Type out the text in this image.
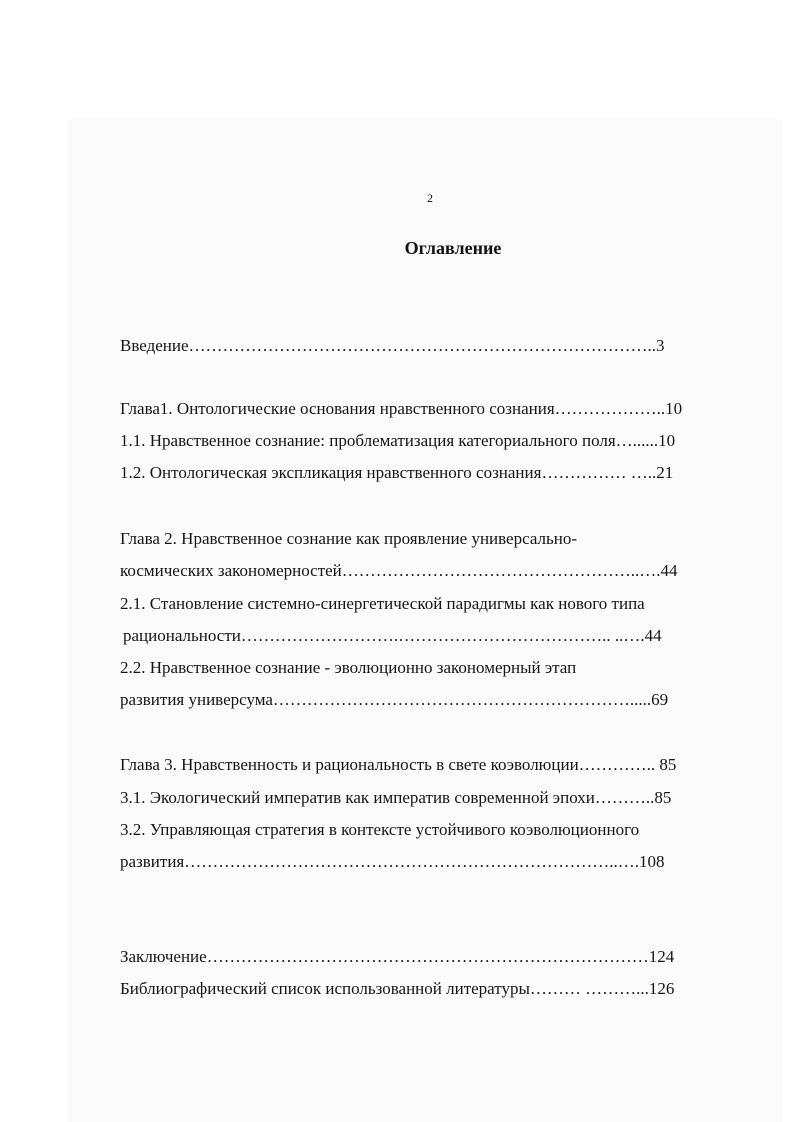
2
Оглавление
Введение………………………………………………………………………..3
Глава1. Онтологические основания нравственного сознания………………..10
1.1. Нравственное сознание: проблематизация категориального поля…......10
1.2. Онтологическая экспликация нравственного сознания…………… …..21
Глава 2. Нравственное сознание как проявление универсально-
космических закономерностей……………………………………………..….44
2.1. Становление системно-синергетической парадигмы как нового типа
рациональности……………………….……………………………….. ..….44
2.2. Нравственное сознание - эволюционно закономерный этап
развития универсума……………………………………………………….....69
Глава 3. Нравственность и рациональность в свете коэволюции………….. 85
3.1. Экологический императив как императив современной эпохи………..85
3.2. Управляющая стратегия в контексте устойчивого коэволюционного
развития…………………………………………………………………..….108
Заключение……………………………………………………………………124
Библиографический список использованной литературы……… ………...126
